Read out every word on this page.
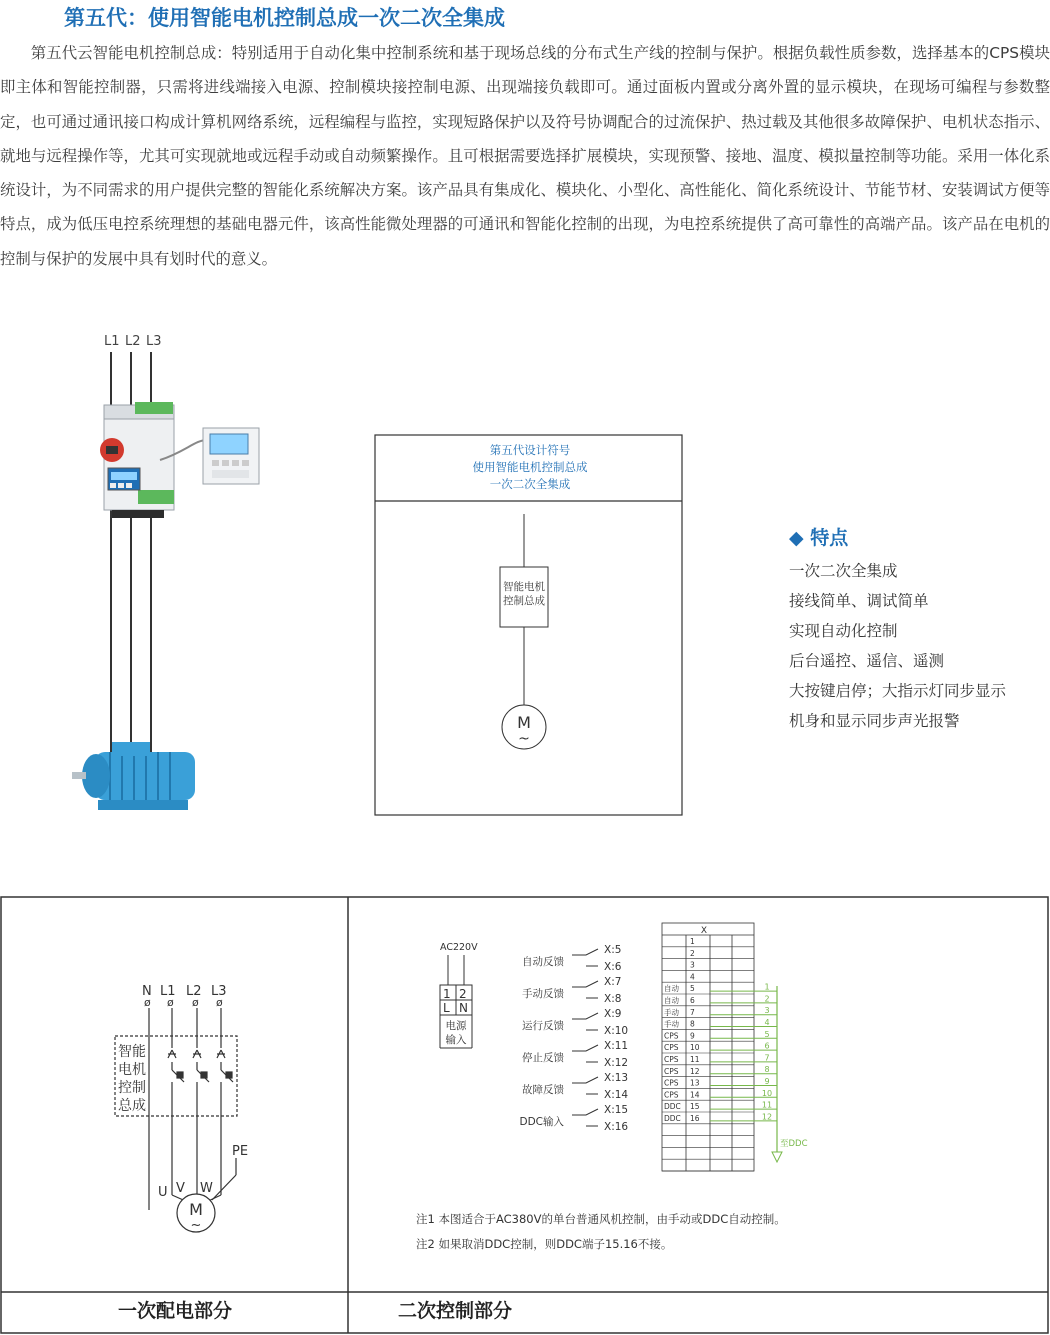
第五代：使用智能电机控制总成一次二次全集成

第五代云智能电机控制总成：特别适用于自动化集中控制系统和基于现场总线的分布式生产线的控制与保护。根据负载性质参数，选择基本的CPS模块即主体和智能控制器，只需将进线端接入电源、控制模块接控制电源、出现端接负载即可。通过面板内置或分离外置的显示模块，在现场可编程与参数整定，也可通过通讯接口构成计算机网络系统，远程编程与监控，实现短路保护以及符号协调配合的过流保护、热过载及其他很多故障保护、电机状态指示、就地与远程操作等，尤其可实现就地或远程手动或自动频繁操作。且可根据需要选择扩展模块，实现预警、接地、温度、模拟量控制等功能。采用一体化系统设计，为不同需求的用户提供完整的智能化系统解决方案。该产品具有集成化、模块化、小型化、高性能化、简化系统设计、节能节材、安装调试方便等特点，成为低压电控系统理想的基础电器元件，该高性能微处理器的可通讯和智能化控制的出现，为电控系统提供了高可靠性的高端产品。该产品在电机的控制与保护的发展中具有划时代的意义。

L1 L2 L3
第五代设计符号
使用智能电机控制总成
一次二次全集成
智能电机
控制总成
M
~
◆ 特点
一次二次全集成
接线简单、调试简单
实现自动化控制
后台遥控、遥信、遥测
大按键启停；大指示灯同步显示
机身和显示同步声光报警
N L1 L2 L3
ø ø ø ø
智能
电机
控制
总成
PE
U V W
M
~
AC220V
1 2
L N
电源
输入
自动反馈
X:5
X:6
手动反馈
X:7
X:8
运行反馈
X:9
X:10
停止反馈
X:11
X:12
故障反馈
X:13
X:14
DDC输入
X:15
X:16
X
1
2
3
4
自动 5
自动 6
手动 7
手动 8
CPS 9
CPS 10
CPS 11
CPS 12
CPS 13
CPS 14
DDC 15
DDC 16
1
2
3
4
5
6
7
8
9
10
11
12
至DDC
注1 本图适合于AC380V的单台普通风机控制，由手动或DDC自动控制。
注2 如果取消DDC控制，则DDC端子15.16不接。
一次配电部分	二次控制部分
